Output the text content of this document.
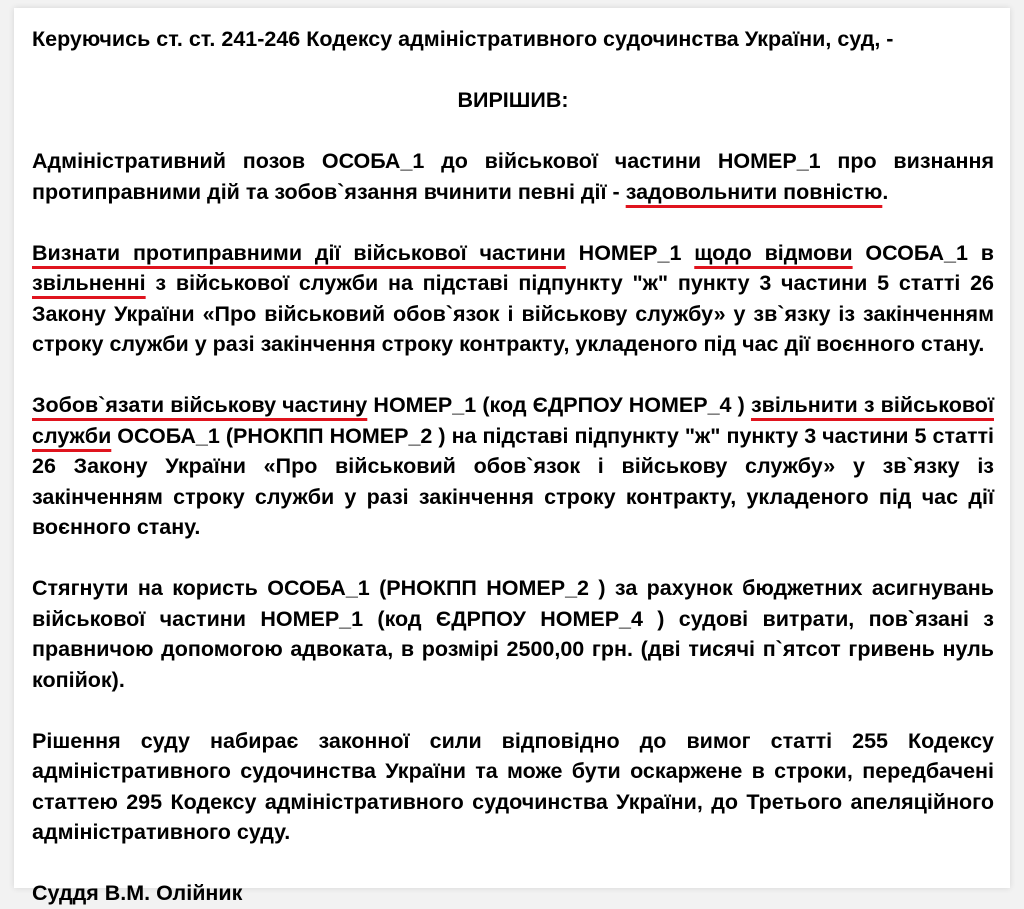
Керуючись ст. ст. 241-246 Кодексу адміністративного судочинства України, суд, -

ВИРІШИВ:

Адміністративний позов ОСОБА_1 до військової частини НОМЕР_1 про визнання протиправними дій та зобов`язання вчинити певні дії - задовольнити повністю.

Визнати протиправними дії військової частини НОМЕР_1 щодо відмови ОСОБА_1 в звільненні з військової служби на підставі підпункту "ж" пункту 3 частини 5 статті 26 Закону України «Про військовий обов`язок і військову службу» у зв`язку із закінченням строку служби у разі закінчення строку контракту, укладеного під час дії воєнного стану.

Зобов`язати військову частину НОМЕР_1 (код ЄДРПОУ НОМЕР_4 ) звільнити з військової служби ОСОБА_1 (РНОКПП НОМЕР_2 ) на підставі підпункту "ж" пункту 3 частини 5 статті 26 Закону України «Про військовий обов`язок і військову службу» у зв`язку із закінченням строку служби у разі закінчення строку контракту, укладеного під час дії воєнного стану.

Стягнути на користь ОСОБА_1 (РНОКПП НОМЕР_2 ) за рахунок бюджетних асигнувань військової частини НОМЕР_1 (код ЄДРПОУ НОМЕР_4 ) судові витрати, пов`язані з правничою допомогою адвоката, в розмірі 2500,00 грн. (дві тисячі п`ятсот гривень нуль копійок).

Рішення суду набирає законної сили відповідно до вимог статті 255 Кодексу адміністративного судочинства України та може бути оскаржене в строки, передбачені статтею 295 Кодексу адміністративного судочинства України, до Третього апеляційного адміністративного суду.

Суддя В.М. Олійник
